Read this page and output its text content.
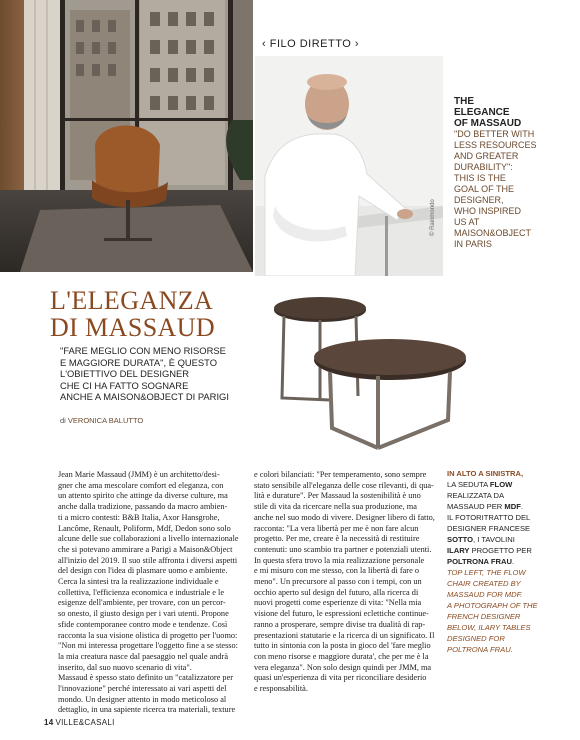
‹ FILO DIRETTO ›
© Rainmondo
THE
ELEGANCE
OF MASSAUD
"DO BETTER WITH
LESS RESOURCES
AND GREATER
DURABILITY":
THIS IS THE
GOAL OF THE
DESIGNER,
WHO INSPIRED
US AT
MAISON&OBJECT
IN PARIS
L'ELEGANZA
DI MASSAUD
"FARE MEGLIO CON MENO RISORSE
E MAGGIORE DURATA", È QUESTO
L'OBIETTIVO DEL DESIGNER
CHE CI HA FATTO SOGNARE
ANCHE A MAISON&OBJECT DI PARIGI
di VERONICA BALUTTO
Jean Marie Massaud (JMM) è un architetto/desi-
gner che ama mescolare comfort ed eleganza, con
un attento spirito che attinge da diverse culture, ma
anche dalla tradizione, passando da macro ambien-
ti a micro contesti: B&B Italia, Axor Hansgrohe,
Lancôme, Renault, Poliform, Mdf, Dedon sono solo
alcune delle sue collaborazioni a livello internazionale
che si potevano ammirare a Parigi a Maison&Object
all'inizio del 2019. Il suo stile affronta i diversi aspetti
del design con l'idea di plasmare uomo e ambiente.
Cerca la sintesi tra la realizzazione individuale e
collettiva, l'efficienza economica e industriale e le
esigenze dell'ambiente, per trovare, con un percor-
so onesto, il giusto design per i vari utenti. Propone
sfide contemporanee contro mode e tendenze. Così
racconta la sua visione olistica di progetto per l'uomo:
"Non mi interessa progettare l'oggetto fine a se stesso:
la mia creatura nasce dal paesaggio nel quale andrà
inserito, dal suo nuovo scenario di vita".
Massaud è spesso stato definito un "catalizzatore per
l'innovazione" perché interessato ai vari aspetti del
mondo. Un designer attento in modo meticoloso al
dettaglio, in una sapiente ricerca tra materiali, texture
e colori bilanciati: "Per temperamento, sono sempre
stato sensibile all'eleganza delle cose rilevanti, di qua-
lità e durature". Per Massaud la sostenibilità è uno
stile di vita da ricercare nella sua produzione, ma
anche nel suo modo di vivere. Designer libero di fatto,
racconta: "La vera libertà per me è non fare alcun
progetto. Per me, creare è la necessità di restituire
contenuti: uno scambio tra partner e potenziali utenti.
In questa sfera trovo la mia realizzazione personale
e mi misuro con me stesso, con la libertà di fare o
meno". Un precursore al passo con i tempi, con un
occhio aperto sul design del futuro, alla ricerca di
nuovi progetti come esperienze di vita: "Nella mia
visione del futuro, le espressioni eclettiche continue-
ranno a prosperare, sempre divise tra dualità di rap-
presentazioni statutarie e la ricerca di un significato. Il
tutto in sintonia con la posta in gioco del 'fare meglio
con meno risorse e maggiore durata', che per me è la
vera eleganza". Non solo design quindi per JMM, ma
quasi un'esperienza di vita per riconciliare desiderio
e responsabilità.
IN ALTO A SINISTRA,
LA SEDUTA FLOW
REALIZZATA DA
MASSAUD PER MDF.
IL FOTORITRATTO DEL
DESIGNER FRANCESE
SOTTO, I TAVOLINI
ILARY PROGETTO PER
POLTRONA FRAU.
TOP LEFT, THE FLOW
CHAIR CREATED BY
MASSAUD FOR MDF.
A PHOTOGRAPH OF THE
FRENCH DESIGNER
BELOW, ILARY TABLES
DESIGNED FOR
POLTRONA FRAU.
14 VILLE&CASALI
